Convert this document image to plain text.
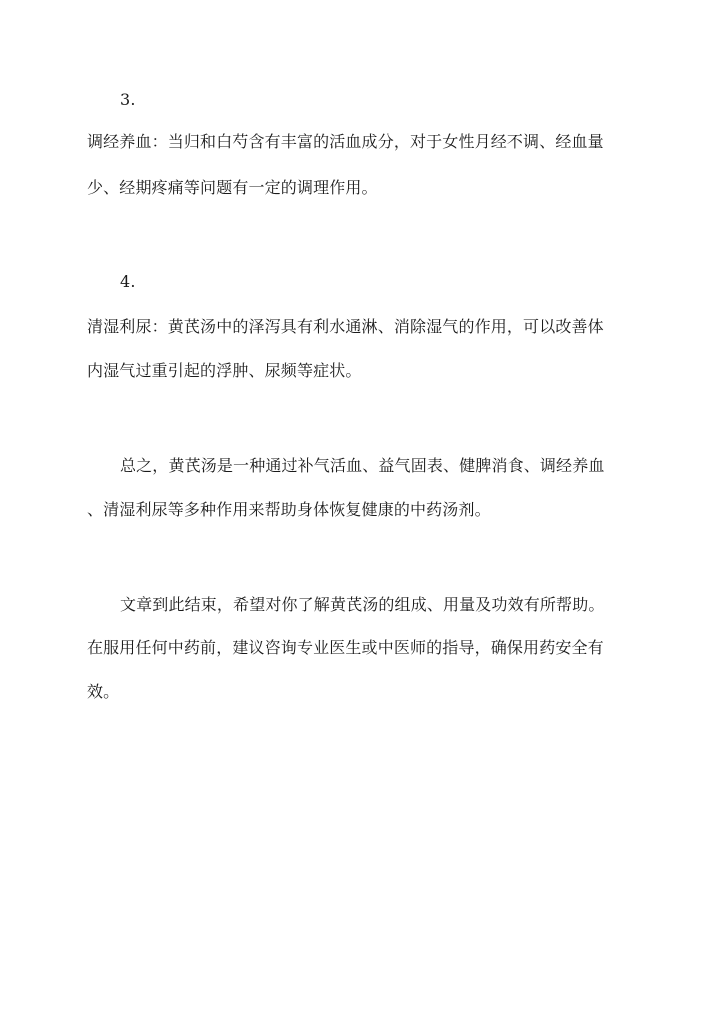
3.
调经养血：当归和白芍含有丰富的活血成分，对于女性月经不调、经血量
少、经期疼痛等问题有一定的调理作用。
4.
清湿利尿：黄芪汤中的泽泻具有利水通淋、消除湿气的作用，可以改善体
内湿气过重引起的浮肿、尿频等症状。
总之，黄芪汤是一种通过补气活血、益气固表、健脾消食、调经养血
、清湿利尿等多种作用来帮助身体恢复健康的中药汤剂。
文章到此结束，希望对你了解黄芪汤的组成、用量及功效有所帮助。
在服用任何中药前，建议咨询专业医生或中医师的指导，确保用药安全有
效。
